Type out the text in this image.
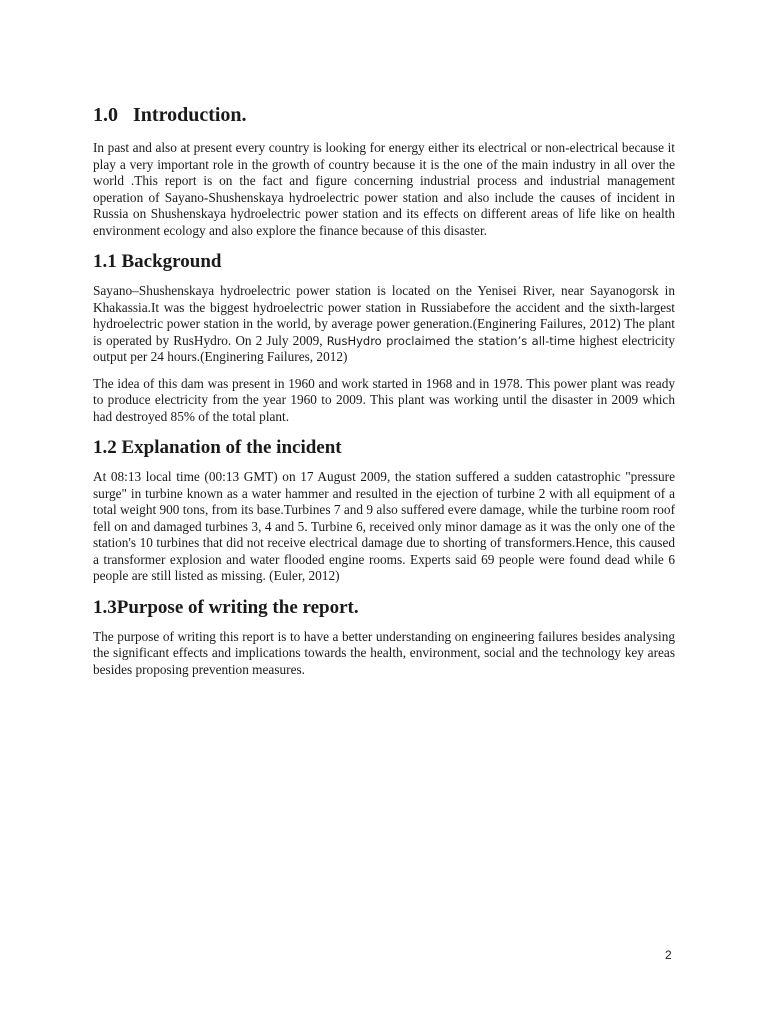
1.0   Introduction.

In past and also at present every country is looking for energy either its electrical or non-electrical because it play a very important role in the growth of country because it is the one of the main industry in all over the world .This report is on the fact and figure concerning industrial process and industrial management operation of Sayano-Shushenskaya hydroelectric power station and also include the causes of incident in Russia on Shushenskaya hydroelectric power station and its effects on different areas of life like on health environment ecology and also explore the finance because of this disaster.

1.1 Background

Sayano–Shushenskaya hydroelectric power station is located on the Yenisei River, near Sayanogorsk in Khakassia.It was the biggest hydroelectric power station in Russiabefore the accident and the sixth-largest hydroelectric power station in the world, by average power generation.(Enginering Failures, 2012) The plant is operated by RusHydro. On 2 July 2009, RusHydro proclaimed the station’s all-time highest electricity output per 24 hours.(Enginering Failures, 2012)

The idea of this dam was present in 1960 and work started in 1968 and in 1978. This power plant was ready to produce electricity from the year 1960 to 2009. This plant was working until the disaster in 2009 which had destroyed 85% of the total plant.

1.2 Explanation of the incident

At 08:13 local time (00:13 GMT) on 17 August 2009, the station suffered a sudden catastrophic "pressure surge" in turbine known as a water hammer and resulted in the ejection of turbine 2 with all equipment of a total weight 900 tons, from its base.Turbines 7 and 9 also suffered evere damage, while the turbine room roof fell on and damaged turbines 3, 4 and 5. Turbine 6, received only minor damage as it was the only one of the station's 10 turbines that did not receive electrical damage due to shorting of transformers.Hence, this caused a transformer explosion and water flooded engine rooms. Experts said 69 people were found dead while 6 people are still listed as missing. (Euler, 2012)

1.3Purpose of writing the report.

The purpose of writing this report is to have a better understanding on engineering failures besides analysing the significant effects and implications towards the health, environment, social and the technology key areas besides proposing prevention measures.

2
